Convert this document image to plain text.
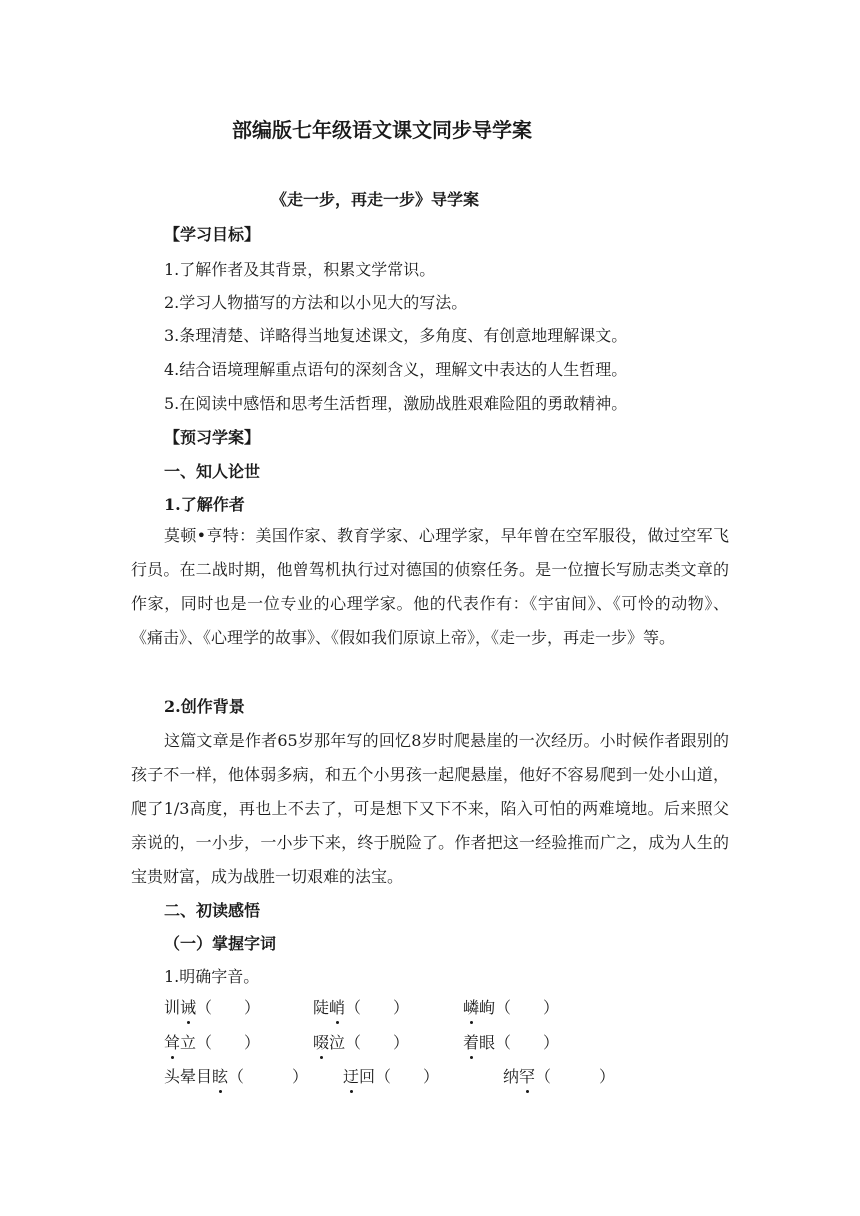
部编版七年级语文课文同步导学案
《走一步，再走一步》导学案
【学习目标】
1.了解作者及其背景，积累文学常识。
2.学习人物描写的方法和以小见大的写法。
3.条理清楚、详略得当地复述课文，多角度、有创意地理解课文。
4.结合语境理解重点语句的深刻含义，理解文中表达的人生哲理。
5.在阅读中感悟和思考生活哲理，激励战胜艰难险阻的勇敢精神。
【预习学案】
一、知人论世
1.了解作者
莫顿•亨特：美国作家、教育学家、心理学家，早年曾在空军服役，做过空军飞行员。在二战时期，他曾驾机执行过对德国的侦察任务。是一位擅长写励志类文章的作家，同时也是一位专业的心理学家。他的代表作有：《宇宙间》、《可怜的动物》、《痛击》、《心理学的故事》、《假如我们原谅上帝》，《走一步，再走一步》等。
2.创作背景
这篇文章是作者65岁那年写的回忆8岁时爬悬崖的一次经历。小时候作者跟别的孩子不一样，他体弱多病，和五个小男孩一起爬悬崖，他好不容易爬到一处小山道，爬了1/3高度，再也上不去了，可是想下又下不来，陷入可怕的两难境地。后来照父亲说的，一小步，一小步下来，终于脱险了。作者把这一经验推而广之，成为人生的宝贵财富，成为战胜一切艰难的法宝。
二、初读感悟
（一）掌握字词
1.明确字音。
训诫（　　）	陡峭（　　）	嶙峋（　　）
耸立（　　）	啜泣（　　）	着眼（　　）
头晕目眩（　　　） 迂回（　　）	纳罕（　　　）
